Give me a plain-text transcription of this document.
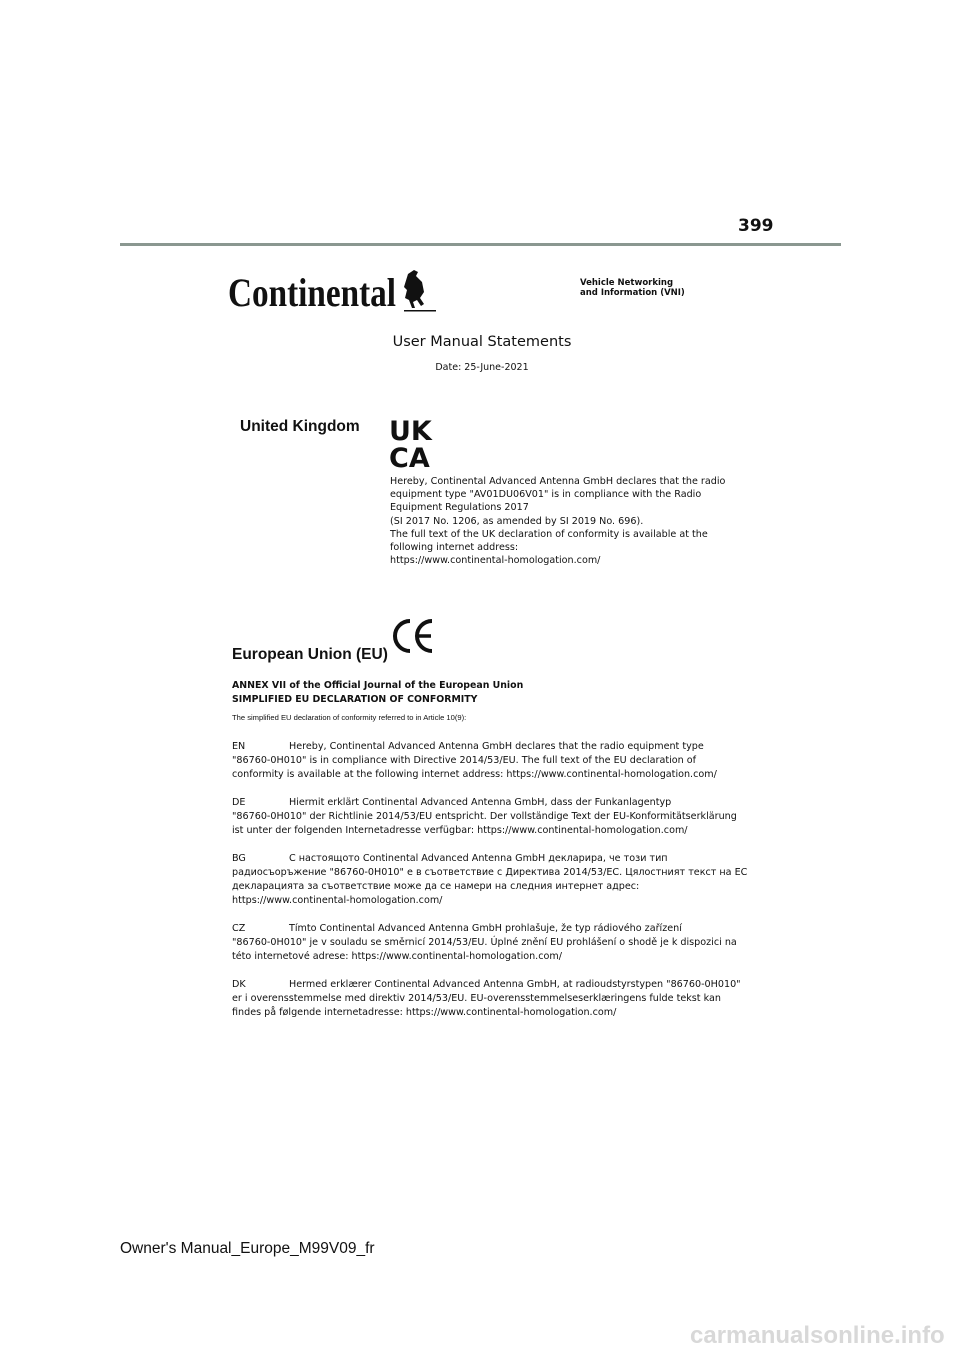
399
Continental	Vehicle Networking
and Information (VNI)
User Manual Statements
Date: 25-June-2021
United Kingdom UK
CA
Hereby, Continental Advanced Antenna GmbH declares that the radio
equipment type "AV01DU06V01" is in compliance with the Radio
Equipment Regulations 2017
(SI 2017 No. 1206, as amended by SI 2019 No. 696).
The full text of the UK declaration of conformity is available at the
following internet address:
https://www.continental-homologation.com/
European Union (EU)
ANNEX VII of the Official Journal of the European Union
SIMPLIFIED EU DECLARATION OF CONFORMITY
The simplified EU declaration of conformity referred to in Article 10(9):
EN	Hereby, Continental Advanced Antenna GmbH declares that the radio equipment type
"86760-0H010" is in compliance with Directive 2014/53/EU. The full text of the EU declaration of
conformity is available at the following internet address: https://www.continental-homologation.com/
DE	Hiermit erklärt Continental Advanced Antenna GmbH, dass der Funkanlagentyp
"86760-0H010" der Richtlinie 2014/53/EU entspricht. Der vollständige Text der EU-Konformitätserklärung
ist unter der folgenden Internetadresse verfügbar: https://www.continental-homologation.com/
BG	С настоящото Continental Advanced Antenna GmbH декларира, че този тип
радиосъоръжение "86760-0H010" е в съответствие с Директива 2014/53/ЕС. Цялостният текст на ЕС
декларацията за съответствие може да се намери на следния интернет адрес:
https://www.continental-homologation.com/
CZ	Tímto Continental Advanced Antenna GmbH prohlašuje, že typ rádiového zařízení
"86760-0H010" je v souladu se směrnicí 2014/53/EU. Úplné znění EU prohlášení o shodě je k dispozici na
této internetové adrese: https://www.continental-homologation.com/
DK	Hermed erklærer Continental Advanced Antenna GmbH, at radioudstyrstypen "86760-0H010"
er i overensstemmelse med direktiv 2014/53/EU. EU-overensstemmelseserklæringens fulde tekst kan
findes på følgende internetadresse: https://www.continental-homologation.com/
Owner's Manual_Europe_M99V09_fr
carmanualsonline.info
